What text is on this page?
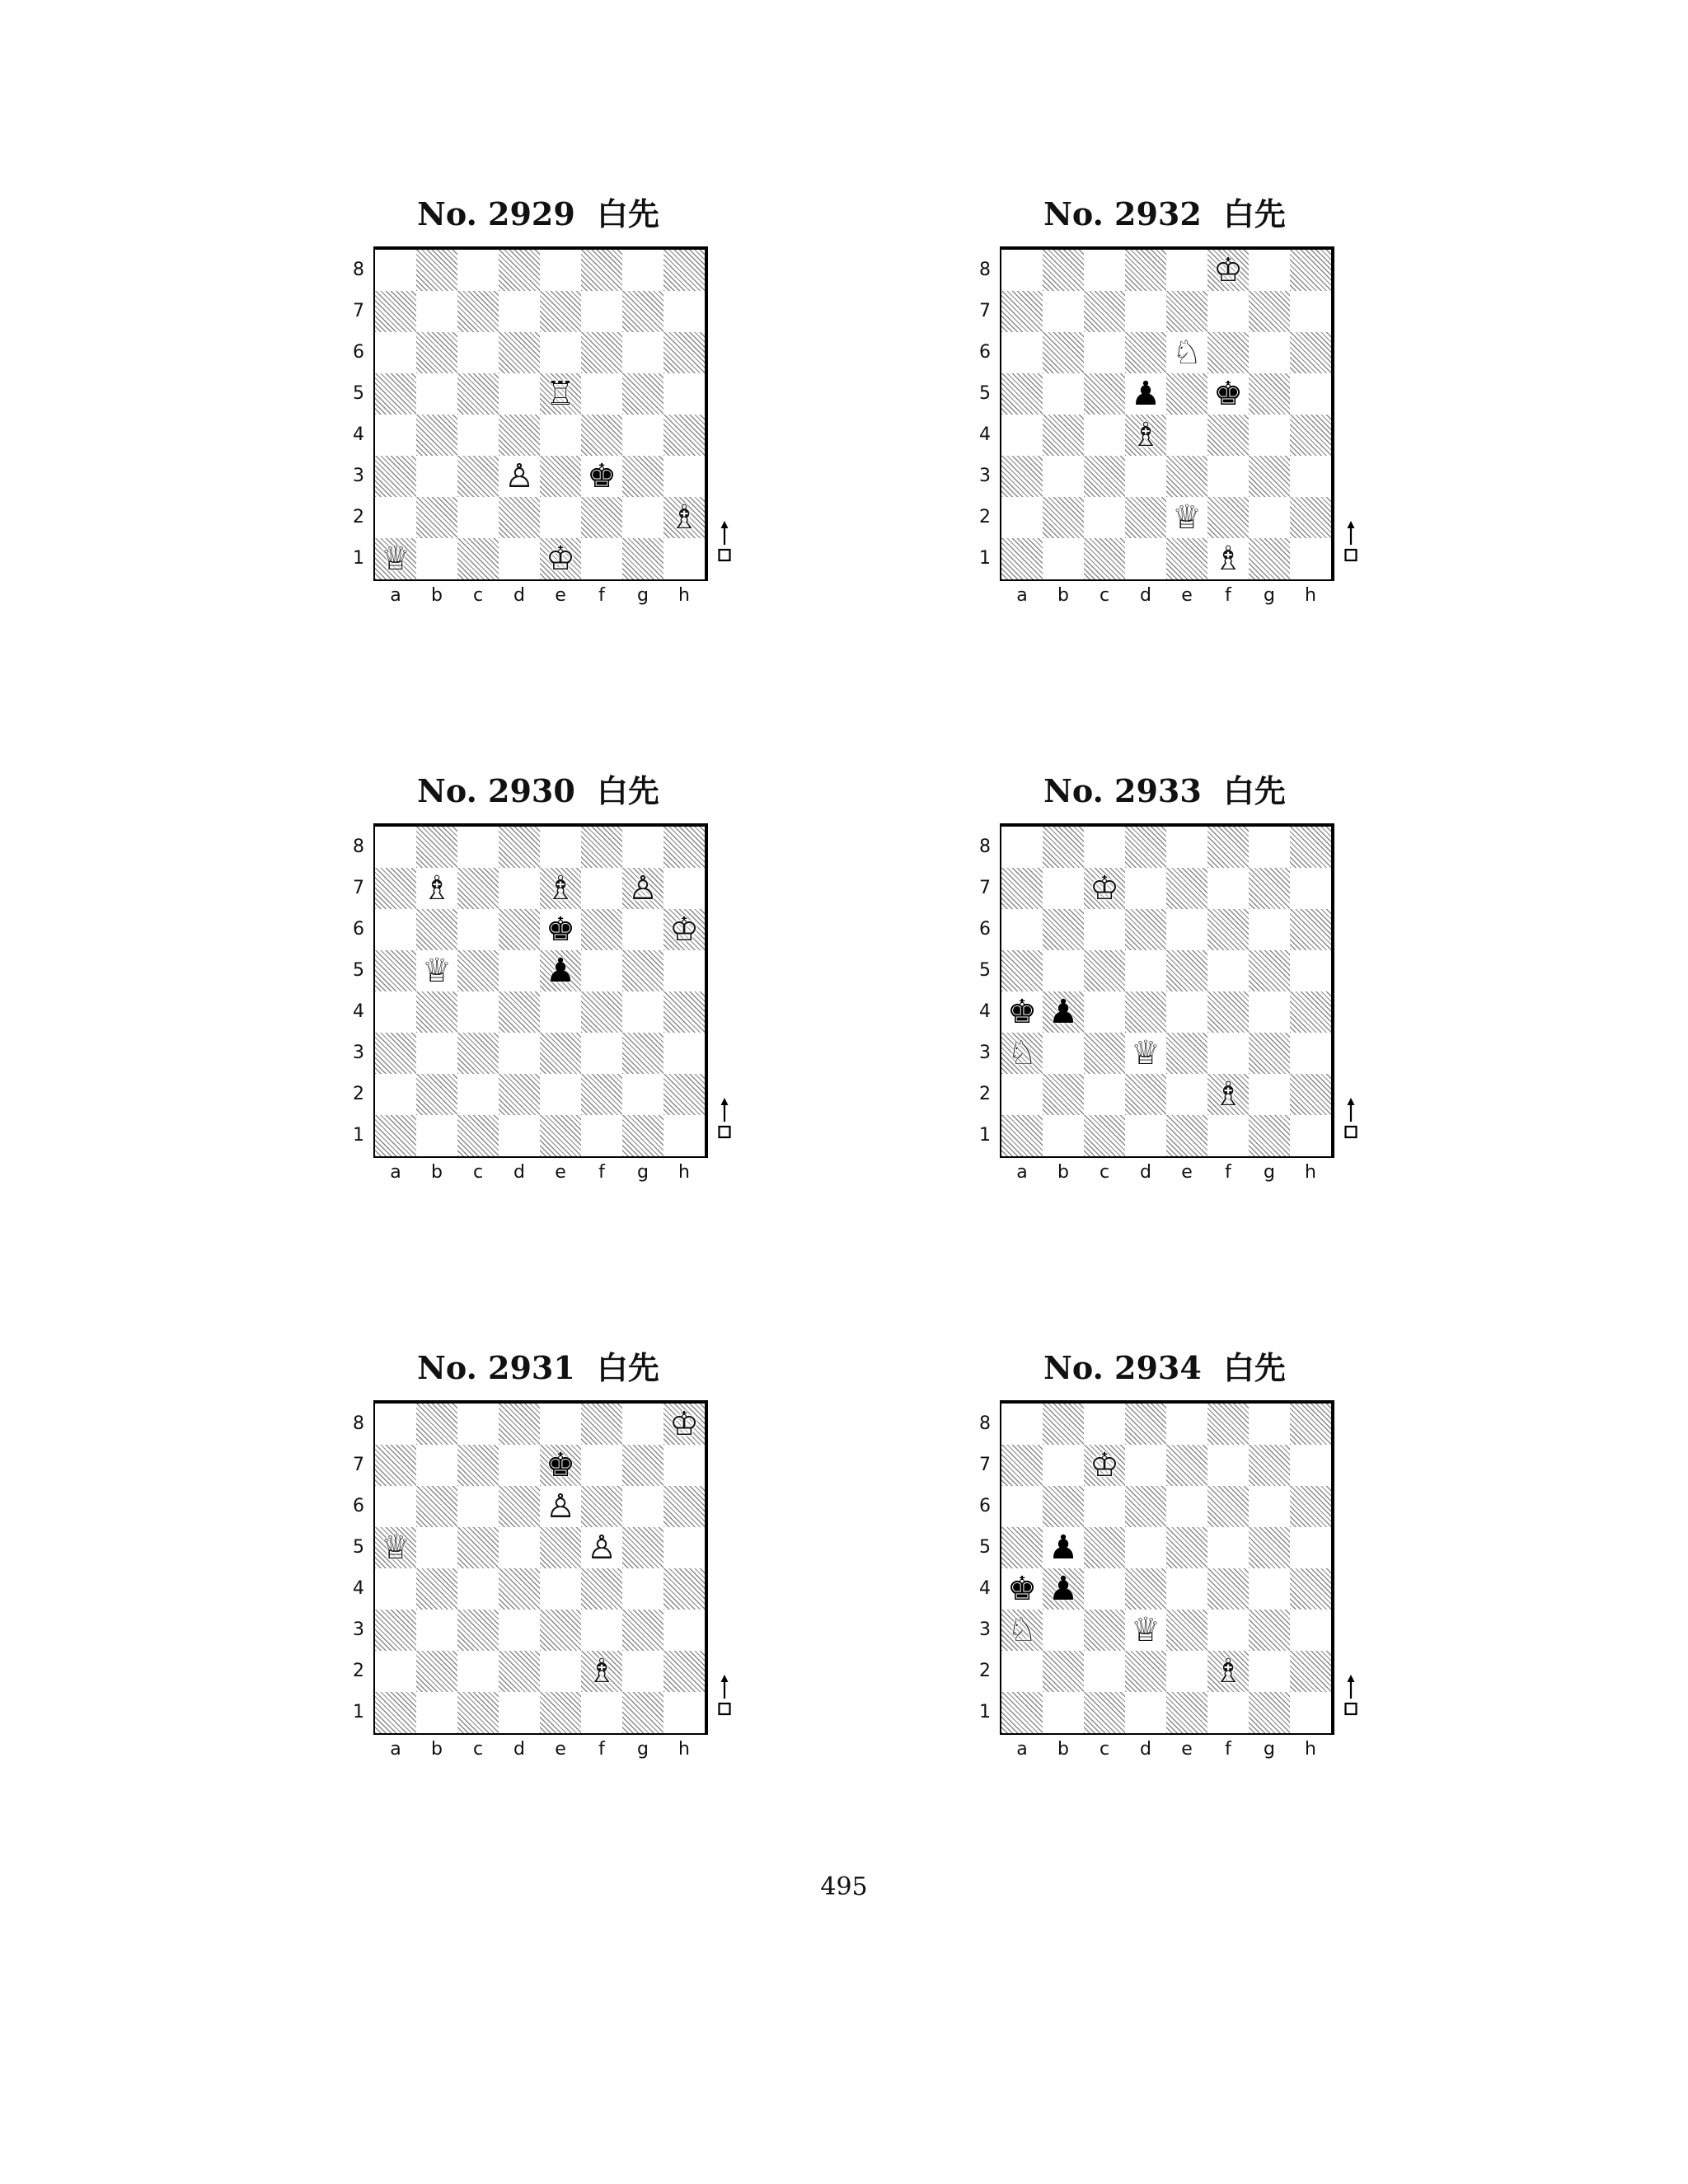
No. 2929 白先
8
7
6
5
4
3
2
1
♖
♙ ♚
♗
♕	♔
a	b	c	d	e	f	g	h
No. 2932 白先
8
7
6
5
4
3
2
1
♔
♘
♟ ♚
♗
♕
♗
a	b	c	d	e	f	g	h
No. 2930 白先
8
7
6
5
4
3
2
1
♗	♗ ♙
♚	♔
♕	♟
a	b	c	d	e	f	g	h
No. 2933 白先
8
7
6
5
4
3
2
1
♔
♚ ♟
♘	♕
♗
a	b	c	d	e	f	g	h
No. 2931 白先
8
7
6
5
4
3
2
1
♔
♚
♙
♕	♙
♗
a	b	c	d	e	f	g	h
No. 2934 白先
8
7
6
5
4
3
2
1
♔
♟
♚ ♟
♘	♕
♗
a	b	c	d	e	f	g	h
495
